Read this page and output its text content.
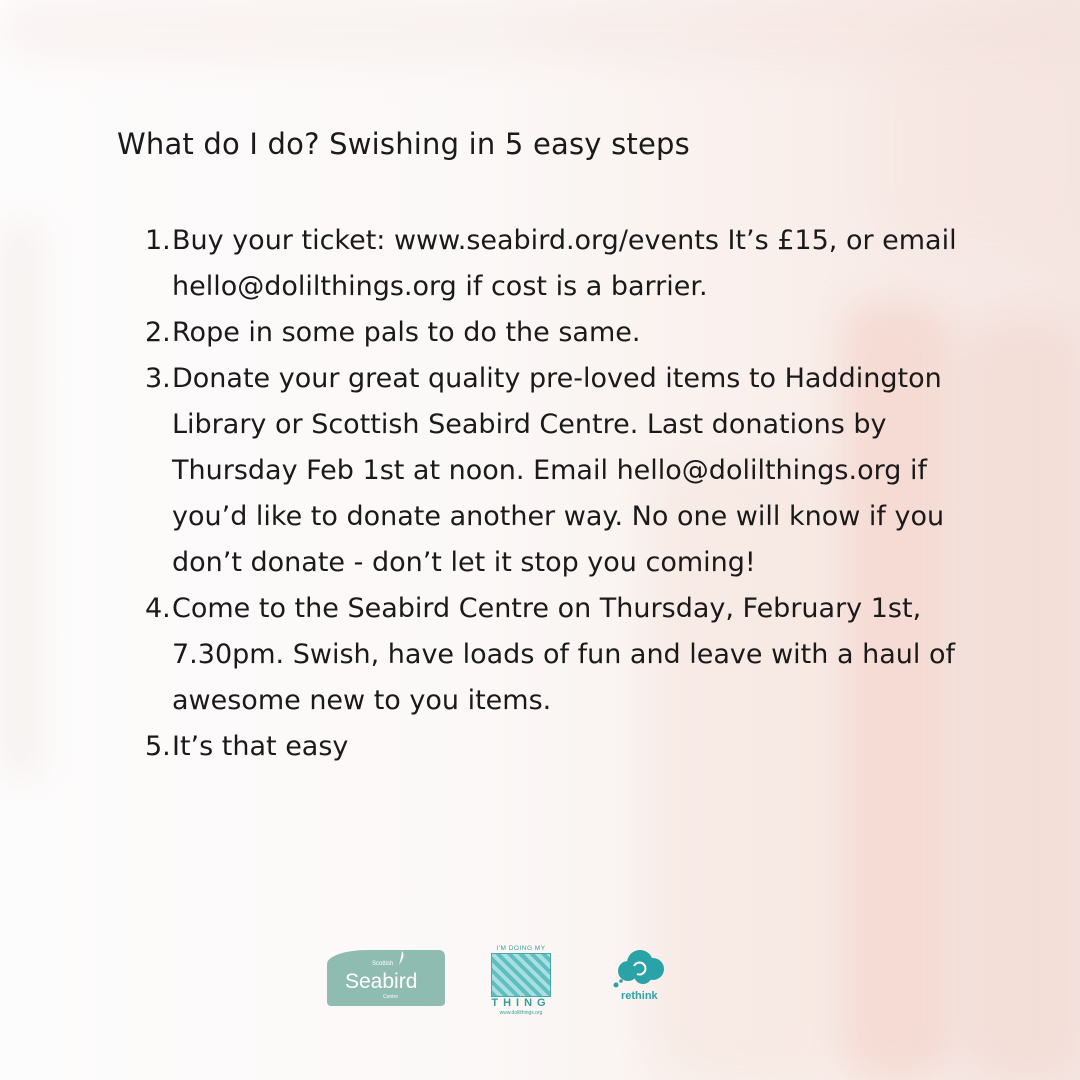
What do I do? Swishing in 5 easy steps
1. Buy your ticket: www.seabird.org/events It’s £15, or email hello@dolilthings.org if cost is a barrier.
2. Rope in some pals to do the same.
3. Donate your great quality pre-loved items to Haddington Library or Scottish Seabird Centre. Last donations by Thursday Feb 1st at noon. Email hello@dolilthings.org if you’d like to donate another way. No one will know if you don’t donate - don’t let it stop you coming!
4. Come to the Seabird Centre on Thursday, February 1st, 7.30pm. Swish, have loads of fun and leave with a haul of awesome new to you items.
5. It’s that easy
Scottish
Seabird
Centre
I'M DOING MY
THING
www.dolilthings.org
rethink
